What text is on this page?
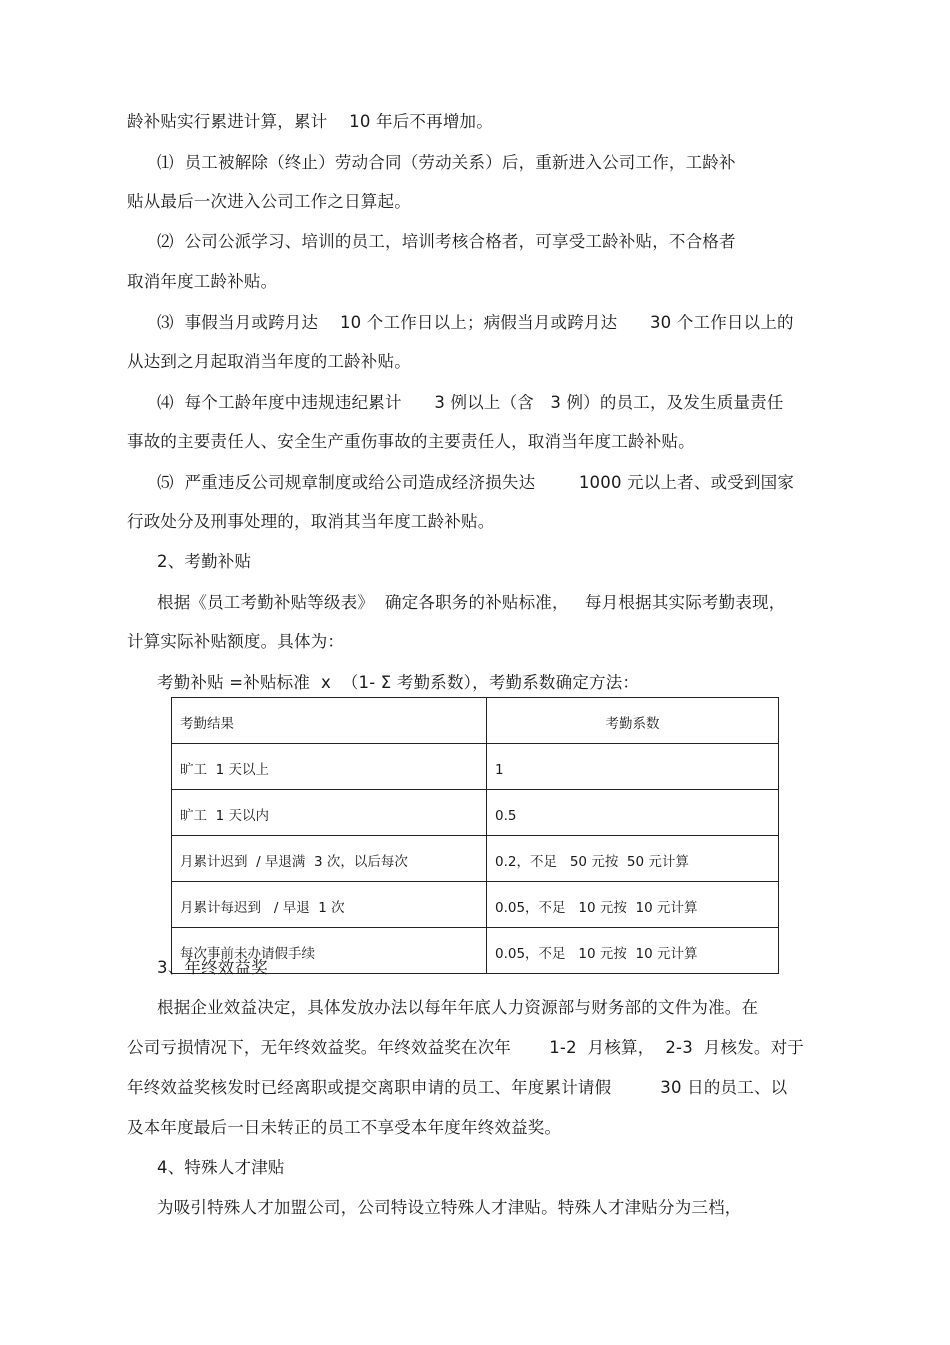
龄补贴实行累进计算，累计    10 年后不再增加。
⑴  员工被解除（终止）劳动合同（劳动关系）后，重新进入公司工作，工龄补
贴从最后一次进入公司工作之日算起。
⑵  公司公派学习、培训的员工，培训考核合格者，可享受工龄补贴，不合格者
取消年度工龄补贴。
⑶  事假当月或跨月达    10 个工作日以上；病假当月或跨月达      30 个工作日以上的
从达到之月起取消当年度的工龄补贴。
⑷  每个工龄年度中违规违纪累计      3 例以上（含   3 例）的员工，及发生质量责任
事故的主要责任人、安全生产重伤事故的主要责任人，取消当年度工龄补贴。
⑸  严重违反公司规章制度或给公司造成经济损失达        1000 元以上者、或受到国家
行政处分及刑事处理的，取消其当年度工龄补贴。
2、考勤补贴
根据《员工考勤补贴等级表》  确定各职务的补贴标准，   每月根据其实际考勤表现，
计算实际补贴额度。具体为：
考勤补贴 =补贴标准  x  （1- Σ 考勤系数），考勤系数确定方法：
考勤结果	考勤系数
旷工  1 天以上	1
旷工  1 天以内	0.5
月累计迟到  / 早退满  3 次，以后每次	0.2，不足   50 元按  50 元计算
月累计每迟到   / 早退  1 次	0.05，不足   10 元按  10 元计算
每次事前未办请假手续	0.05，不足   10 元按  10 元计算
3、年终效益奖
根据企业效益决定，具体发放办法以每年年底人力资源部与财务部的文件为准。在
公司亏损情况下，无年终效益奖。年终效益奖在次年       1-2  月核算，  2-3  月核发。对于
年终效益奖核发时已经离职或提交离职申请的员工、年度累计请假         30 日的员工、以
及本年度最后一日未转正的员工不享受本年度年终效益奖。
4、特殊人才津贴
为吸引特殊人才加盟公司，公司特设立特殊人才津贴。特殊人才津贴分为三档，
